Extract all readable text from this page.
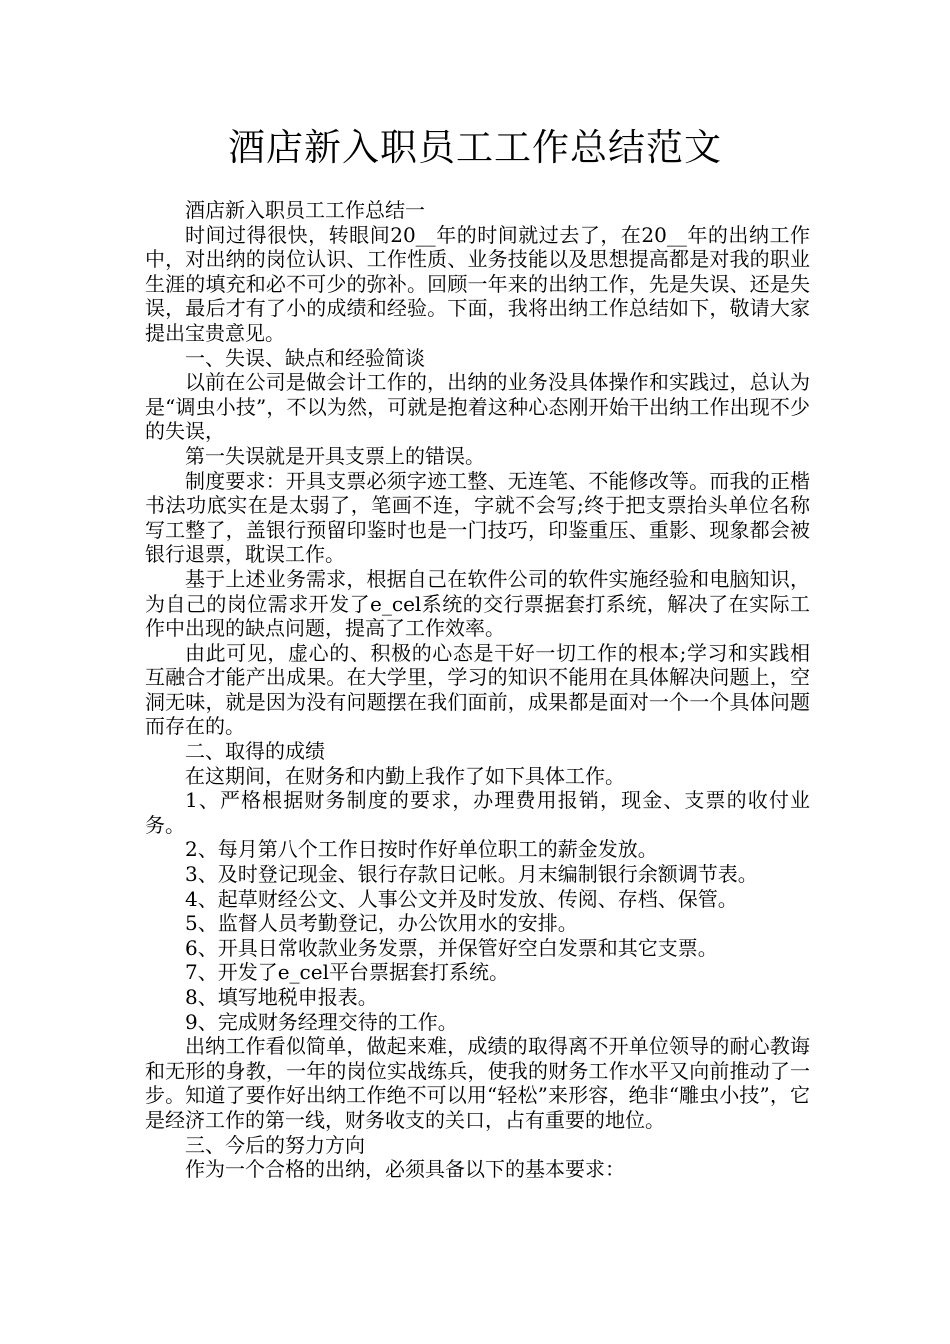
酒店新入职员工工作总结范文

酒店新入职员工工作总结一

时间过得很快，转眼间20__年的时间就过去了，在20__年的出纳工作中，对出纳的岗位认识、工作性质、业务技能以及思想提高都是对我的职业生涯的填充和必不可少的弥补。回顾一年来的出纳工作，先是失误、还是失误，最后才有了小的成绩和经验。下面，我将出纳工作总结如下，敬请大家提出宝贵意见。

一、失误、缺点和经验简谈

以前在公司是做会计工作的，出纳的业务没具体操作和实践过，总认为是“调虫小技”，不以为然，可就是抱着这种心态刚开始干出纳工作出现不少的失误，

第一失误就是开具支票上的错误。

制度要求：开具支票必须字迹工整、无连笔、不能修改等。而我的正楷书法功底实在是太弱了，笔画不连，字就不会写;终于把支票抬头单位名称写工整了，盖银行预留印鉴时也是一门技巧，印鉴重压、重影、现象都会被银行退票，耽误工作。

基于上述业务需求，根据自己在软件公司的软件实施经验和电脑知识，为自己的岗位需求开发了e_cel系统的交行票据套打系统，解决了在实际工作中出现的缺点问题，提高了工作效率。

由此可见，虚心的、积极的心态是干好一切工作的根本;学习和实践相互融合才能产出成果。在大学里，学习的知识不能用在具体解决问题上，空洞无味，就是因为没有问题摆在我们面前，成果都是面对一个一个具体问题而存在的。

二、取得的成绩

在这期间，在财务和内勤上我作了如下具体工作。

1、严格根据财务制度的要求，办理费用报销，现金、支票的收付业务。

2、每月第八个工作日按时作好单位职工的薪金发放。

3、及时登记现金、银行存款日记帐。月末编制银行余额调节表。

4、起草财经公文、人事公文并及时发放、传阅、存档、保管。

5、监督人员考勤登记，办公饮用水的安排。

6、开具日常收款业务发票，并保管好空白发票和其它支票。

7、开发了e_cel平台票据套打系统。

8、填写地税申报表。

9、完成财务经理交待的工作。

出纳工作看似简单，做起来难，成绩的取得离不开单位领导的耐心教诲和无形的身教，一年的岗位实战练兵，使我的财务工作水平又向前推动了一步。知道了要作好出纳工作绝不可以用“轻松”来形容，绝非“雕虫小技”，它是经济工作的第一线，财务收支的关口，占有重要的地位。

三、今后的努力方向

作为一个合格的出纳，必须具备以下的基本要求：
